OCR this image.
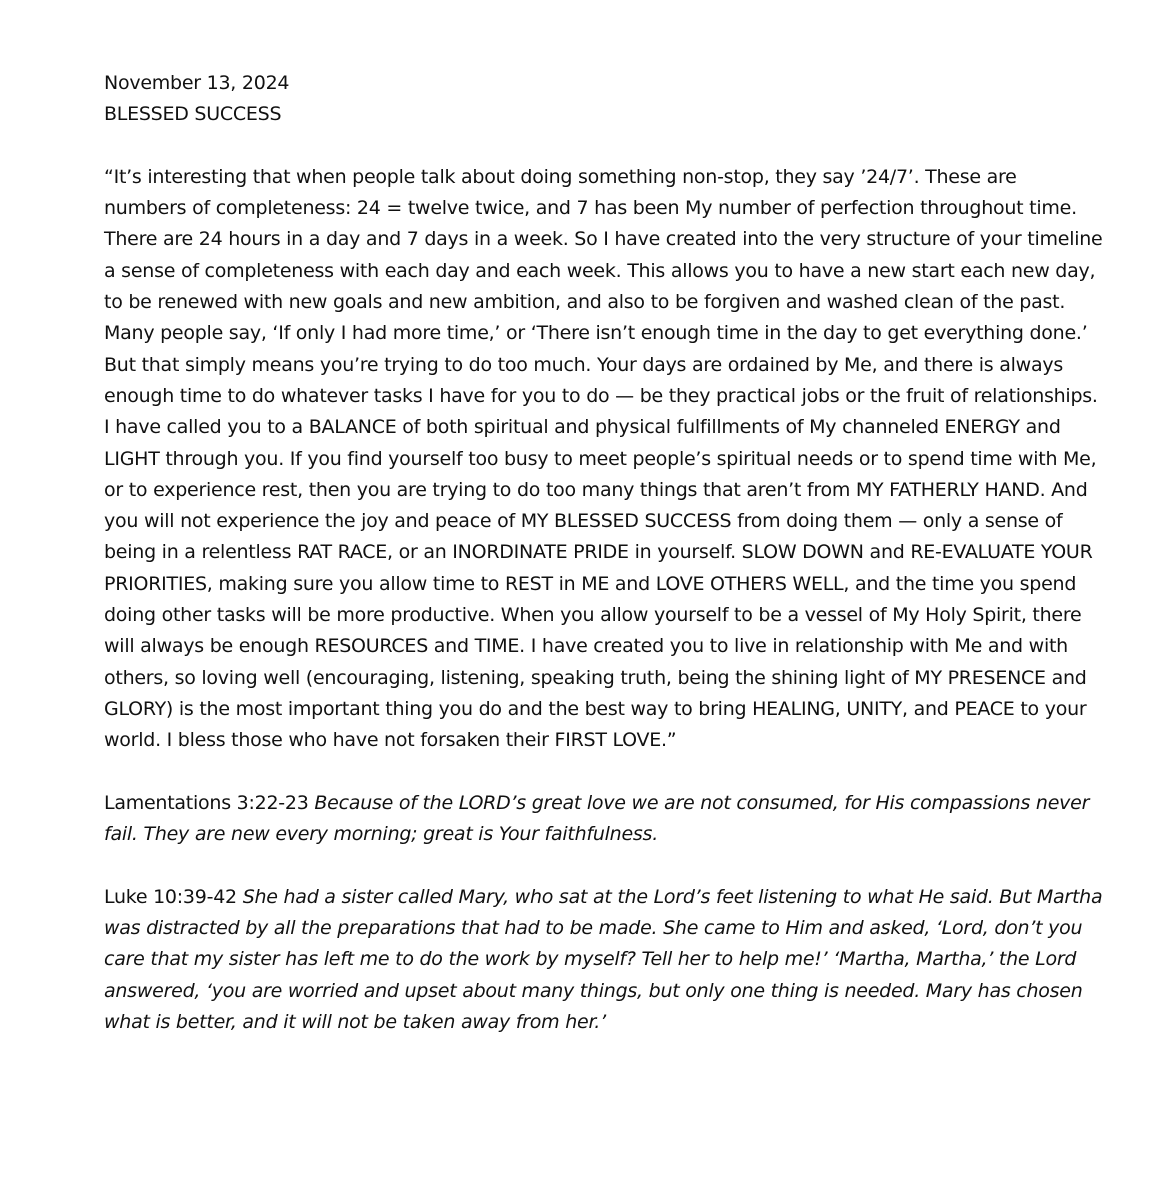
November 13, 2024
BLESSED SUCCESS

“It’s interesting that when people talk about doing something non-stop, they say ’24/7’. These are numbers of completeness: 24 = twelve twice, and 7 has been My number of perfection throughout time. There are 24 hours in a day and 7 days in a week. So I have created into the very structure of your timeline a sense of completeness with each day and each week. This allows you to have a new start each new day, to be renewed with new goals and new ambition, and also to be forgiven and washed clean of the past. Many people say, ‘If only I had more time,’ or ‘There isn’t enough time in the day to get everything done.’ But that simply means you’re trying to do too much. Your days are ordained by Me, and there is always enough time to do whatever tasks I have for you to do — be they practical jobs or the fruit of relationships. I have called you to a BALANCE of both spiritual and physical fulfillments of My channeled ENERGY and LIGHT through you. If you find yourself too busy to meet people’s spiritual needs or to spend time with Me, or to experience rest, then you are trying to do too many things that aren’t from MY FATHERLY HAND. And you will not experience the joy and peace of MY BLESSED SUCCESS from doing them — only a sense of being in a relentless RAT RACE, or an INORDINATE PRIDE in yourself. SLOW DOWN and RE-EVALUATE YOUR PRIORITIES, making sure you allow time to REST in ME and LOVE OTHERS WELL, and the time you spend doing other tasks will be more productive. When you allow yourself to be a vessel of My Holy Spirit, there will always be enough RESOURCES and TIME. I have created you to live in relationship with Me and with others, so loving well (encouraging, listening, speaking truth, being the shining light of MY PRESENCE and GLORY) is the most important thing you do and the best way to bring HEALING, UNITY, and PEACE to your world. I bless those who have not forsaken their FIRST LOVE.”

Lamentations 3:22-23 Because of the LORD’s great love we are not consumed, for His compassions never fail. They are new every morning; great is Your faithfulness.

Luke 10:39-42 She had a sister called Mary, who sat at the Lord’s feet listening to what He said. But Martha was distracted by all the preparations that had to be made. She came to Him and asked, ‘Lord, don’t you care that my sister has left me to do the work by myself? Tell her to help me!’ ‘Martha, Martha,’ the Lord answered, ‘you are worried and upset about many things, but only one thing is needed. Mary has chosen what is better, and it will not be taken away from her.’
